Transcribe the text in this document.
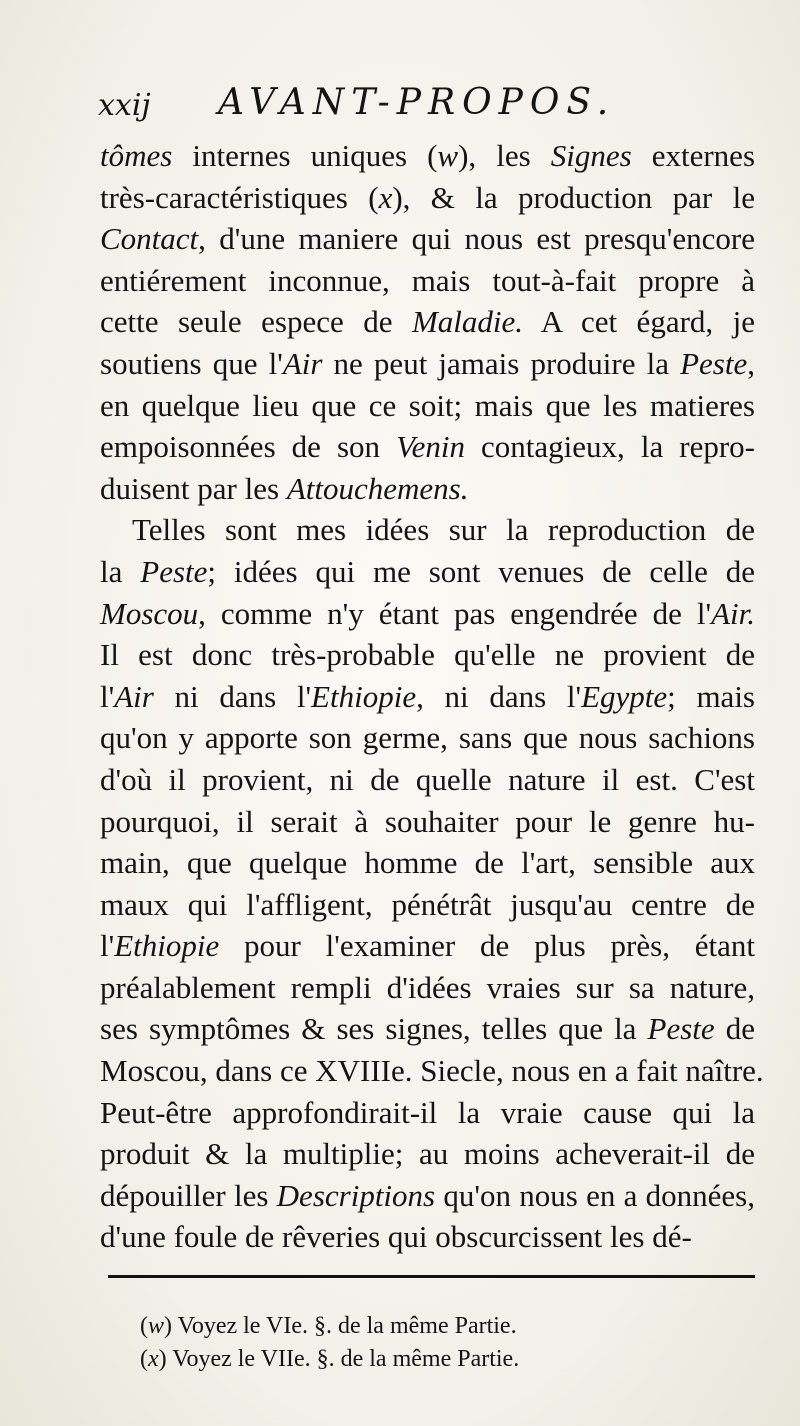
xxij AVANT-PROPOS.
tômes internes uniques (w), les Signes externes
très-caractéristiques (x), & la production par le
Contact, d'une maniere qui nous est presqu'encore
entiérement inconnue, mais tout-à-fait propre à
cette seule espece de Maladie. A cet égard, je
soutiens que l'Air ne peut jamais produire la Peste,
en quelque lieu que ce soit; mais que les matieres
empoisonnées de son Venin contagieux, la repro-
duisent par les Attouchemens.
Telles sont mes idées sur la reproduction de
la Peste; idées qui me sont venues de celle de
Moscou, comme n'y étant pas engendrée de l'Air.
Il est donc très-probable qu'elle ne provient de
l'Air ni dans l'Ethiopie, ni dans l'Egypte; mais
qu'on y apporte son germe, sans que nous sachions
d'où il provient, ni de quelle nature il est. C'est
pourquoi, il serait à souhaiter pour le genre hu-
main, que quelque homme de l'art, sensible aux
maux qui l'affligent, pénétrât jusqu'au centre de
l'Ethiopie pour l'examiner de plus près, étant
préalablement rempli d'idées vraies sur sa nature,
ses symptômes & ses signes, telles que la Peste de
Moscou, dans ce XVIIIe. Siecle, nous en a fait naître.
Peut-être approfondirait-il la vraie cause qui la
produit & la multiplie; au moins acheverait-il de
dépouiller les Descriptions qu'on nous en a données,
d'une foule de rêveries qui obscurcissent les dé-
(w) Voyez le VIe. §. de la même Partie.
(x) Voyez le VIIe. §. de la même Partie.
